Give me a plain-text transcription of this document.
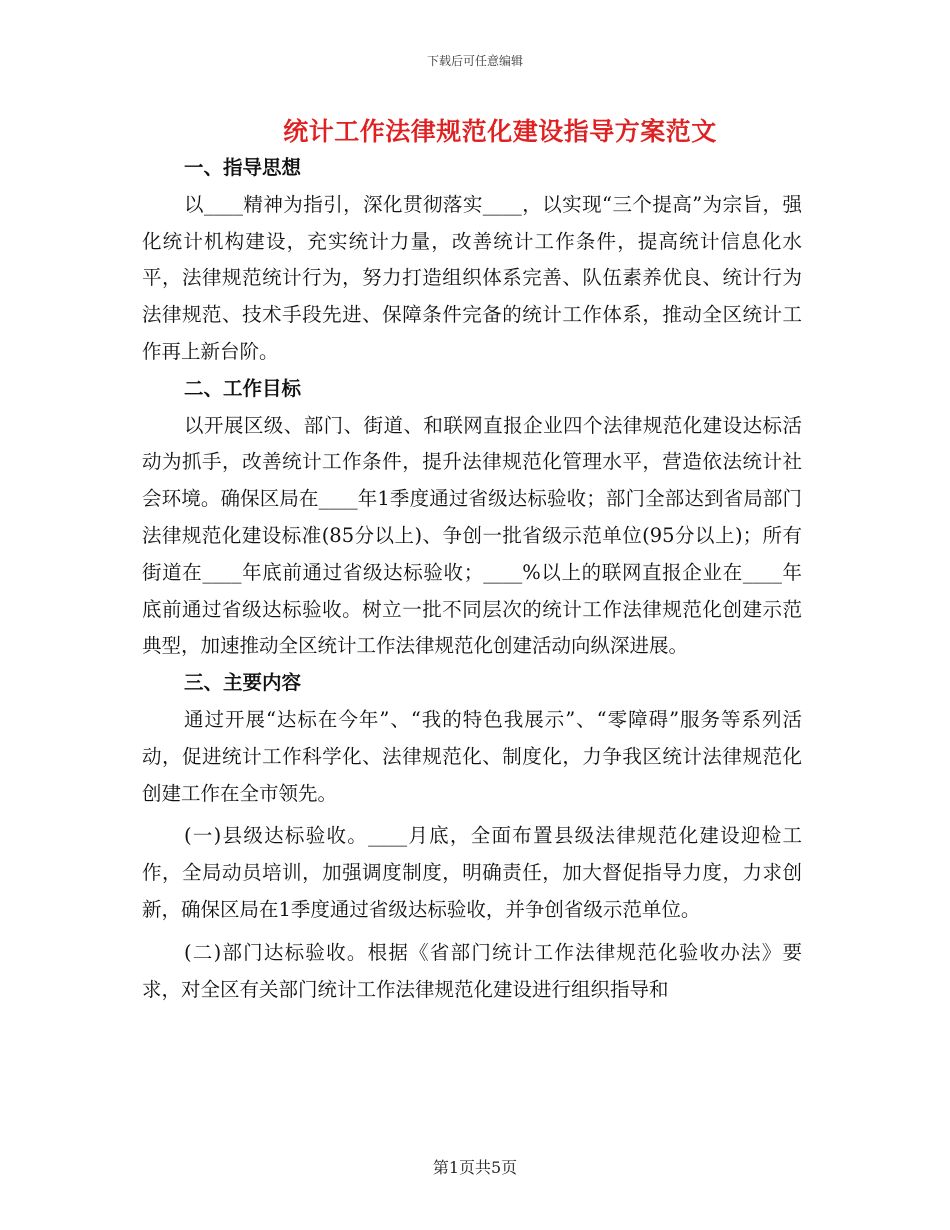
下载后可任意编辑
统计工作法律规范化建设指导方案范文
一、指导思想

以____精神为指引，深化贯彻落实____，以实现“三个提高”为宗旨，强化统计机构建设，充实统计力量，改善统计工作条件，提高统计信息化水平，法律规范统计行为，努力打造组织体系完善、队伍素养优良、统计行为法律规范、技术手段先进、保障条件完备的统计工作体系，推动全区统计工作再上新台阶。

二、工作目标

以开展区级、部门、街道、和联网直报企业四个法律规范化建设达标活动为抓手，改善统计工作条件，提升法律规范化管理水平，营造依法统计社会环境。确保区局在____年1季度通过省级达标验收；部门全部达到省局部门法律规范化建设标准(85分以上)、争创一批省级示范单位(95分以上)；所有街道在____年底前通过省级达标验收；____%以上的联网直报企业在____年底前通过省级达标验收。树立一批不同层次的统计工作法律规范化创建示范典型，加速推动全区统计工作法律规范化创建活动向纵深进展。

三、主要内容

通过开展“达标在今年”、“我的特色我展示”、“零障碍”服务等系列活动，促进统计工作科学化、法律规范化、制度化，力争我区统计法律规范化创建工作在全市领先。

(一)县级达标验收。____月底，全面布置县级法律规范化建设迎检工作，全局动员培训，加强调度制度，明确责任，加大督促指导力度，力求创新，确保区局在1季度通过省级达标验收，并争创省级示范单位。

(二)部门达标验收。根据《省部门统计工作法律规范化验收办法》要求，对全区有关部门统计工作法律规范化建设进行组织指导和

第1页共5页
